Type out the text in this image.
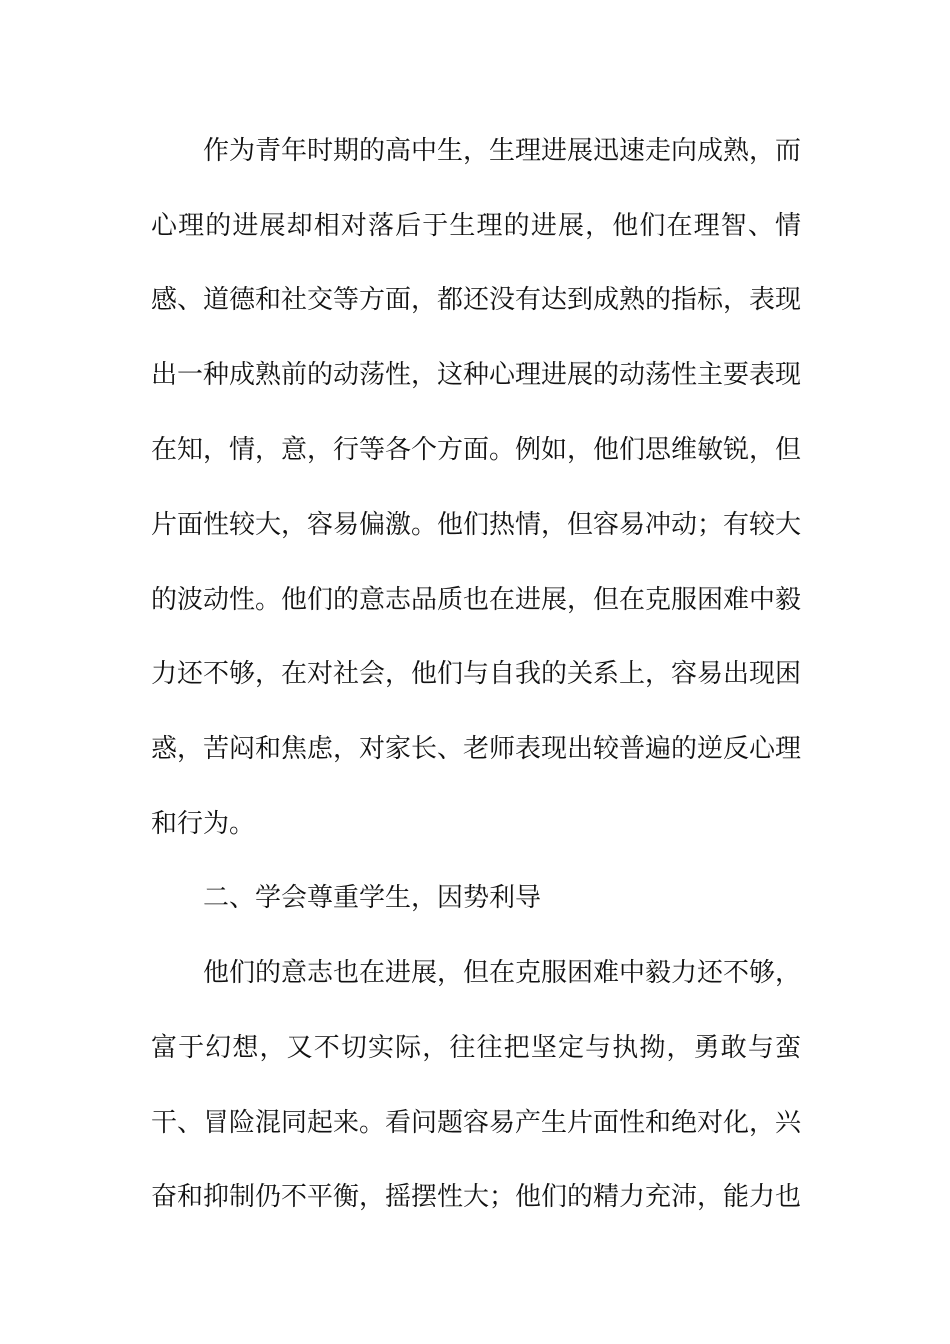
作为青年时期的高中生，生理进展迅速走向成熟，而
心理的进展却相对落后于生理的进展，他们在理智、情
感、道德和社交等方面，都还没有达到成熟的指标，表现
出一种成熟前的动荡性，这种心理进展的动荡性主要表现
在知，情，意，行等各个方面。例如，他们思维敏锐，但
片面性较大，容易偏激。他们热情，但容易冲动；有较大
的波动性。他们的意志品质也在进展，但在克服困难中毅
力还不够，在对社会，他们与自我的关系上，容易出现困
惑，苦闷和焦虑，对家长、老师表现出较普遍的逆反心理
和行为。
二、学会尊重学生，因势利导
他们的意志也在进展，但在克服困难中毅力还不够，
富于幻想，又不切实际，往往把坚定与执拗，勇敢与蛮
干、冒险混同起来。看问题容易产生片面性和绝对化，兴
奋和抑制仍不平衡，摇摆性大；他们的精力充沛，能力也
